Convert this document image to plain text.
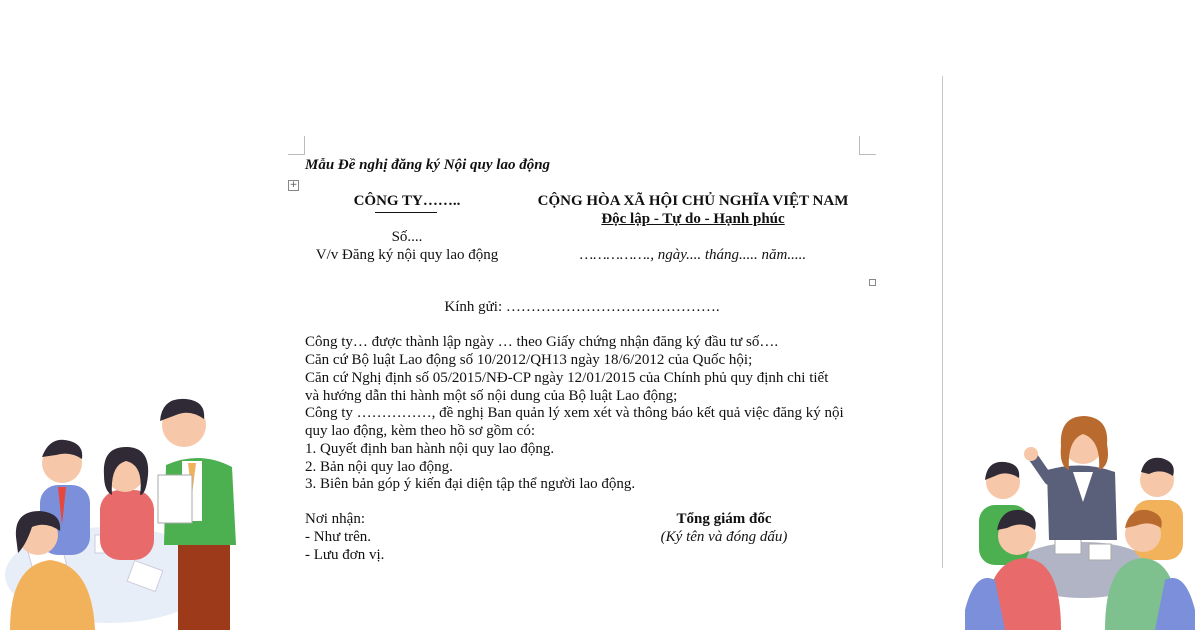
+
Mẫu Đề nghị đăng ký Nội quy lao động
CÔNG TY……..
Số....
V/v Đăng ký nội quy lao động
CỘNG HÒA XÃ HỘI CHỦ NGHĨA VIỆT NAM
Độc lập - Tự do - Hạnh phúc
……………., ngày.... tháng..... năm.....
Kính gửi: …………………………………….
Công ty… được thành lập ngày … theo Giấy chứng nhận đăng ký đầu tư số….
Căn cứ Bộ luật Lao động số 10/2012/QH13 ngày 18/6/2012 của Quốc hội;
Căn cứ Nghị định số 05/2015/NĐ-CP ngày 12/01/2015 của Chính phủ quy định chi tiết
và hướng dẫn thi hành một số nội dung của Bộ luật Lao động;
Công ty ……………, đề nghị Ban quản lý xem xét và thông báo kết quả việc đăng ký nội
quy lao động, kèm theo hồ sơ gồm có:
1. Quyết định ban hành nội quy lao động.
2. Bản nội quy lao động.
3. Biên bản góp ý kiến đại diện tập thể người lao động.
Nơi nhận:
- Như trên.
- Lưu đơn vị.
Tổng giám đốc
(Ký tên và đóng dấu)
